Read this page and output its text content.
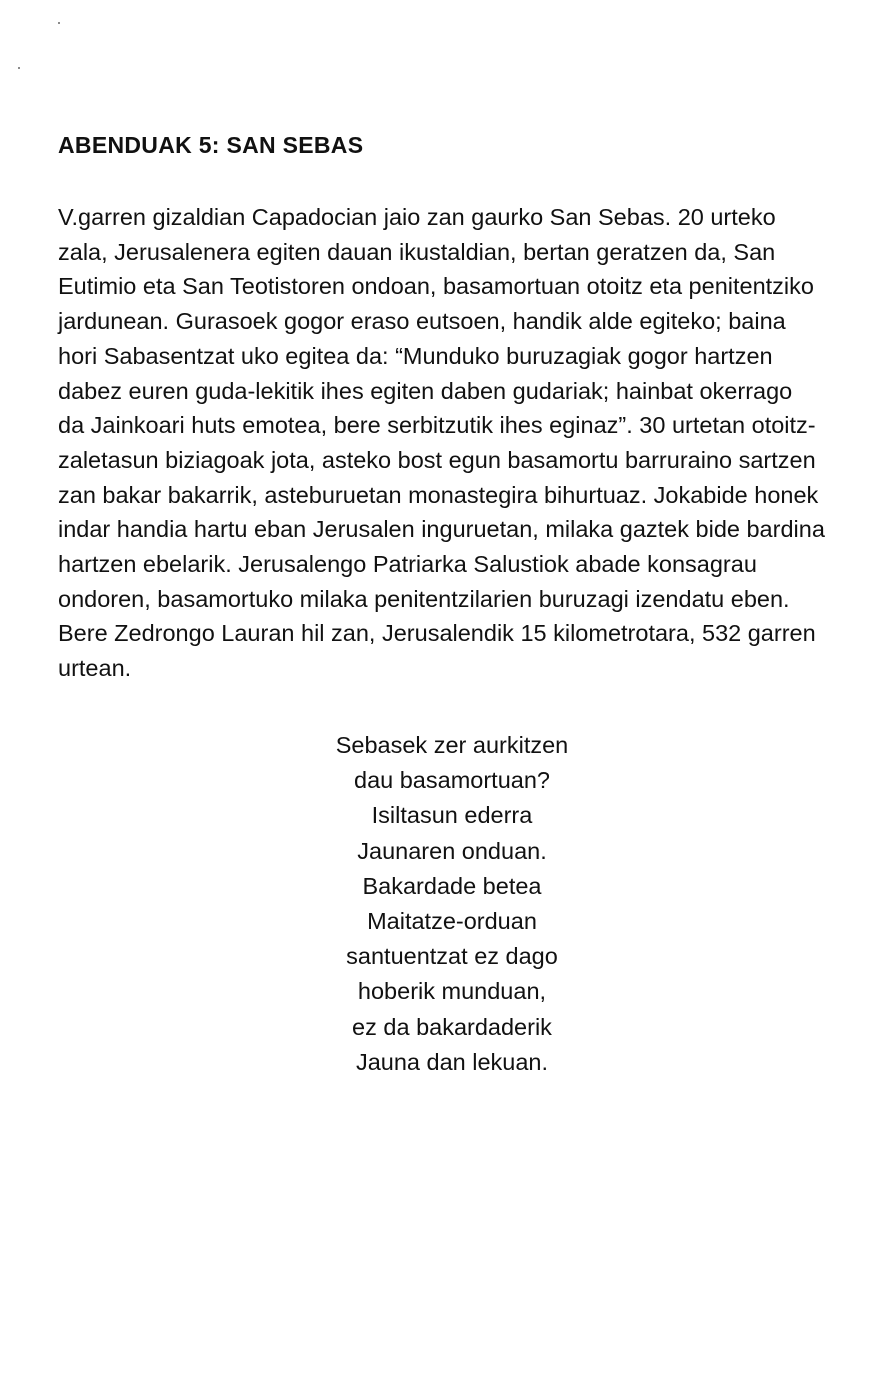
ABENDUAK 5: SAN SEBAS
V.garren gizaldian Capadocian jaio zan gaurko San Sebas. 20 urteko
zala, Jerusalenera egiten dauan ikustaldian, bertan geratzen da, San
Eutimio eta San Teotistoren ondoan, basamortuan otoitz eta penitentziko
jardunean. Gurasoek gogor eraso eutsoen, handik alde egiteko; baina
hori Sabasentzat uko egitea da: “Munduko buruzagiak gogor hartzen
dabez euren guda-lekitik ihes egiten daben gudariak; hainbat okerrago
da Jainkoari huts emotea, bere serbitzutik ihes eginaz”. 30 urtetan otoitz-
zaletasun biziagoak jota, asteko bost egun basamortu barruraino sartzen
zan bakar bakarrik, asteburuetan monastegira bihurtuaz. Jokabide honek
indar handia hartu eban Jerusalen inguruetan, milaka gaztek bide bardina
hartzen ebelarik. Jerusalengo Patriarka Salustiok abade konsagrau
ondoren, basamortuko milaka penitentzilarien buruzagi izendatu eben.
Bere Zedrongo Lauran hil zan, Jerusalendik 15 kilometrotara, 532 garren
urtean.
Sebasek zer aurkitzen
dau basamortuan?
Isiltasun ederra
Jaunaren onduan.
Bakardade betea
Maitatze-orduan
santuentzat ez dago
hoberik munduan,
ez da bakardaderik
Jauna dan lekuan.
